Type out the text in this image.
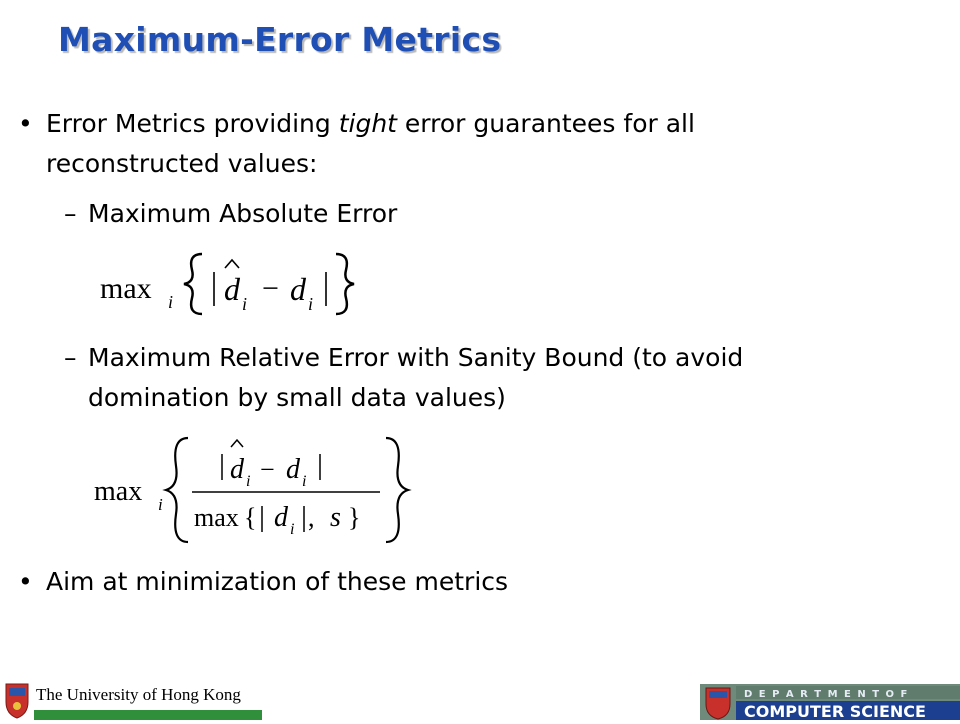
Maximum-Error Metrics
• Error Metrics providing tight error guarantees for all
reconstructed values:
– Maximum Absolute Error
max i d i − d i
– Maximum Relative Error with Sanity Bound (to avoid
domination by small data values)
max i
d i − d i
max { d i , s }
• Aim at minimization of these metrics
The University of Hong Kong	D E P A R T M E N T O F
COMPUTER SCIENCE
